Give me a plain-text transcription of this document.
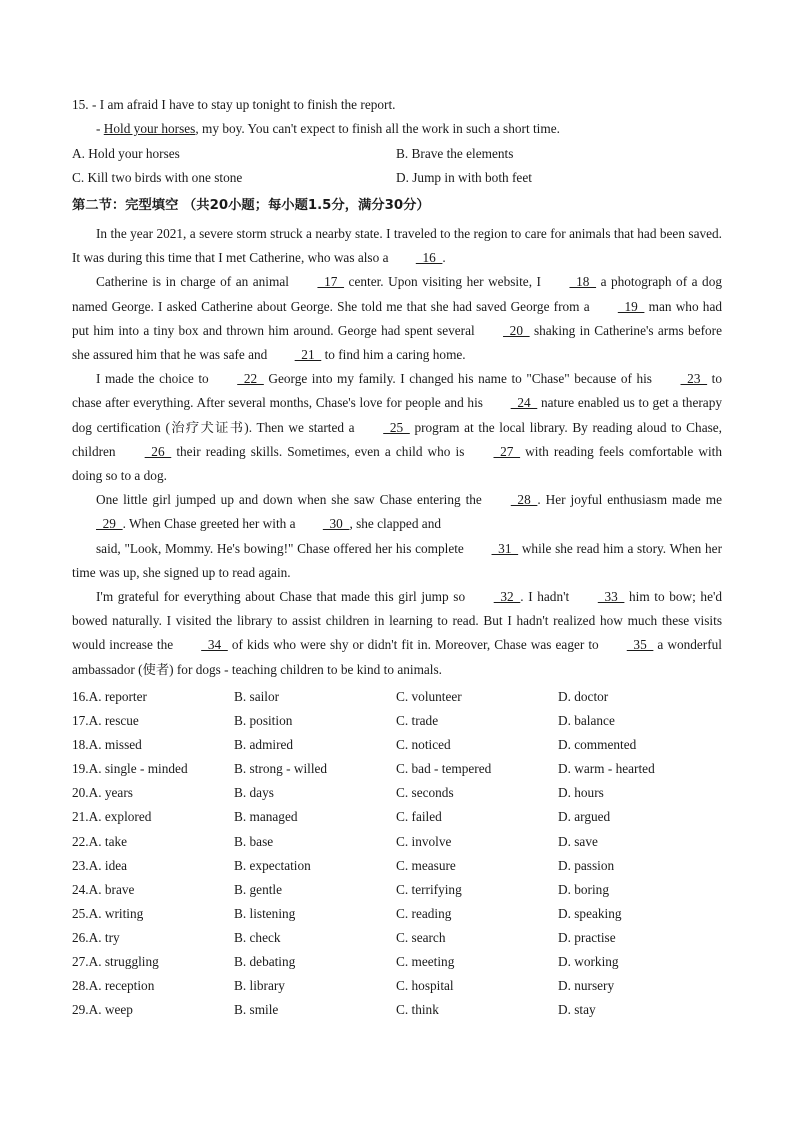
15. - I am afraid I have to stay up tonight to finish the report.
- Hold your horses, my boy. You can't expect to finish all the work in such a short time.
A. Hold your horses	B. Brave the elements
C. Kill two birds with one stone	D. Jump in with both feet
第二节：完型填空 （共20小题；每小题1.5分，满分30分）

In the year 2021, a severe storm struck a nearby state. I traveled to the region to care for animals that had been saved. It was during this time that I met Catherine, who was also a   16  .

Catherine is in charge of an animal   17   center. Upon visiting her website, I   18   a photograph of a dog named George. I asked Catherine about George. She told me that she had saved George from a   19   man who had put him into a tiny box and thrown him around. George had spent several   20   shaking in Catherine's arms before she assured him that he was safe and   21   to find him a caring home.

I made the choice to   22   George into my family. I changed his name to "Chase" because of his   23   to chase after everything. After several months, Chase's love for people and his   24   nature enabled us to get a therapy dog certification (治疗犬证书). Then we started a   25   program at the local library. By reading aloud to Chase, children   26   their reading skills. Sometimes, even a child who is   27   with reading feels comfortable with doing so to a dog.

One little girl jumped up and down when she saw Chase entering the   28  . Her joyful enthusiasm made me   29  . When Chase greeted her with a   30  , she clapped and

said, "Look, Mommy. He's bowing!" Chase offered her his complete   31   while she read him a story. When her time was up, she signed up to read again.

I'm grateful for everything about Chase that made this girl jump so   32  . I hadn't   33   him to bow; he'd bowed naturally. I visited the library to assist children in learning to read. But I hadn't realized how much these visits would increase the   34   of kids who were shy or didn't fit in. Moreover, Chase was eager to   35   a wonderful ambassador (使者) for dogs - teaching children to be kind to animals.

16.A. reporter	B. sailor	C. volunteer	D. doctor
17.A. rescue	B. position	C. trade	D. balance
18.A. missed	B. admired	C. noticed	D. commented
19.A. single - minded	B. strong - willed	C. bad - tempered	D. warm - hearted
20.A. years	B. days	C. seconds	D. hours
21.A. explored	B. managed	C. failed	D. argued
22.A. take	B. base	C. involve	D. save
23.A. idea	B. expectation	C. measure	D. passion
24.A. brave	B. gentle	C. terrifying	D. boring
25.A. writing	B. listening	C. reading	D. speaking
26.A. try	B. check	C. search	D. practise
27.A. struggling	B. debating	C. meeting	D. working
28.A. reception	B. library	C. hospital	D. nursery
29.A. weep	B. smile	C. think	D. stay
